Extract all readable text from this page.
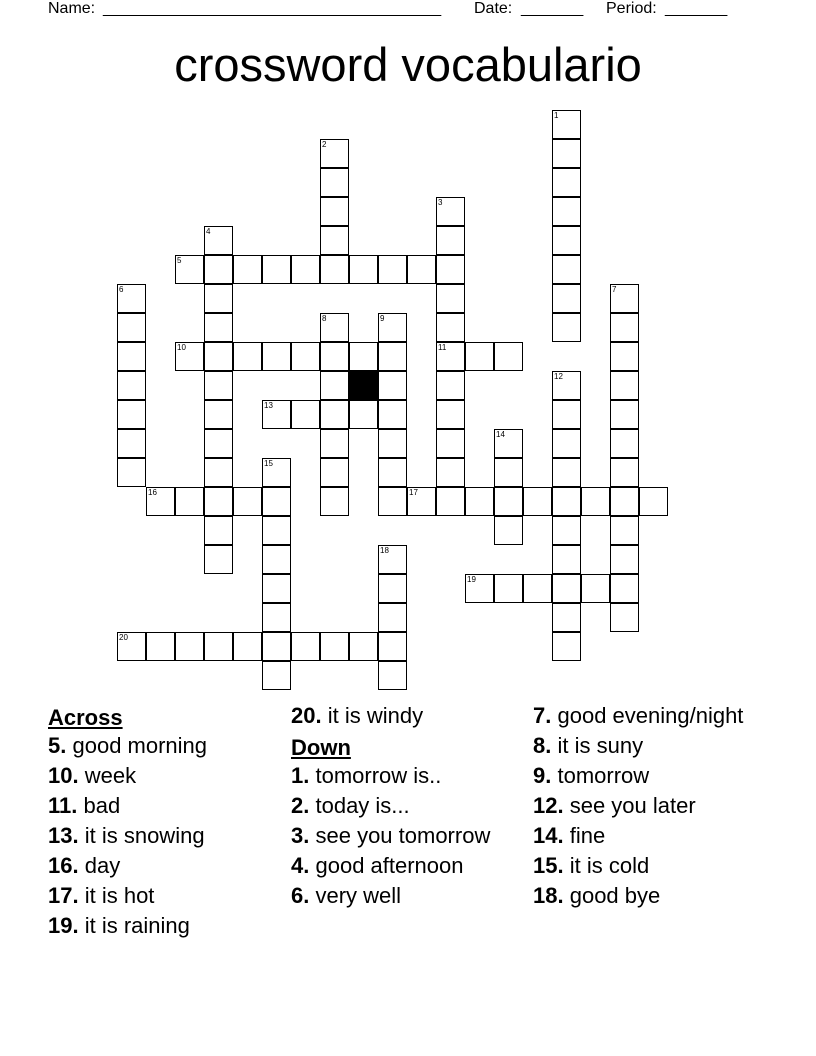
Name: ______________________________________ Date: _______ Period: _______
crossword vocabulario
1
2
3
4
5
6	7
8	9
10	11
12
13
14
15
16	17
18
19
20
Across
5. good morning
10. week
11. bad
13. it is snowing
16. day
17. it is hot
19. it is raining
20. it is windy
Down
1. tomorrow is..
2. today is...
3. see you tomorrow
4. good afternoon
6. very well
7. good evening/night
8. it is suny
9. tomorrow
12. see you later
14. fine
15. it is cold
18. good bye
